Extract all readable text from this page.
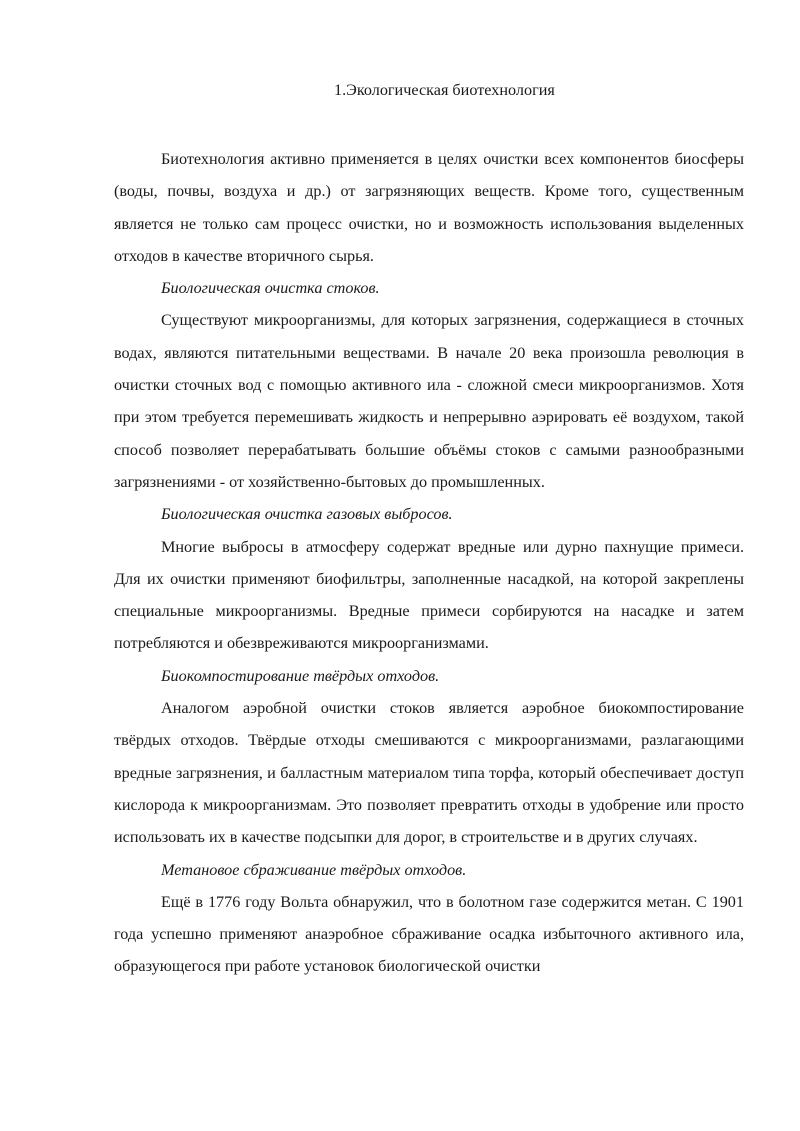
1.Экологическая биотехнология

Биотехнология активно применяется в целях очистки всех компонентов биосферы (воды, почвы, воздуха и др.) от загрязняющих веществ. Кроме того, существенным является не только сам процесс очистки, но и возможность использования выделенных отходов в качестве вторичного сырья.

Биологическая очистка стоков.

Существуют микроорганизмы, для которых загрязнения, содержащиеся в сточных водах, являются питательными веществами. В начале 20 века произошла революция в очистки сточных вод с помощью активного ила - сложной смеси микроорганизмов. Хотя при этом требуется перемешивать жидкость и непрерывно аэрировать её воздухом, такой способ позволяет перерабатывать большие объёмы стоков с самыми разнообразными загрязнениями - от хозяйственно-бытовых до промышленных.

Биологическая очистка газовых выбросов.

Многие выбросы в атмосферу содержат вредные или дурно пахнущие примеси. Для их очистки применяют биофильтры, заполненные насадкой, на которой закреплены специальные микроорганизмы. Вредные примеси сорбируются на насадке и затем потребляются и обезвреживаются микроорганизмами.

Биокомпостирование твёрдых отходов.

Аналогом аэробной очистки стоков является аэробное биокомпостирование твёрдых отходов. Твёрдые отходы смешиваются с микроорганизмами, разлагающими вредные загрязнения, и балластным материалом типа торфа, который обеспечивает доступ кислорода к микроорганизмам. Это позволяет превратить отходы в удобрение или просто использовать их в качестве подсыпки для дорог, в строительстве и в других случаях.

Метановое сбраживание твёрдых отходов.

Ещё в 1776 году Вольта обнаружил, что в болотном газе содержится метан. С 1901 года успешно применяют анаэробное сбраживание осадка избыточного активного ила, образующегося при работе установок биологической очистки
